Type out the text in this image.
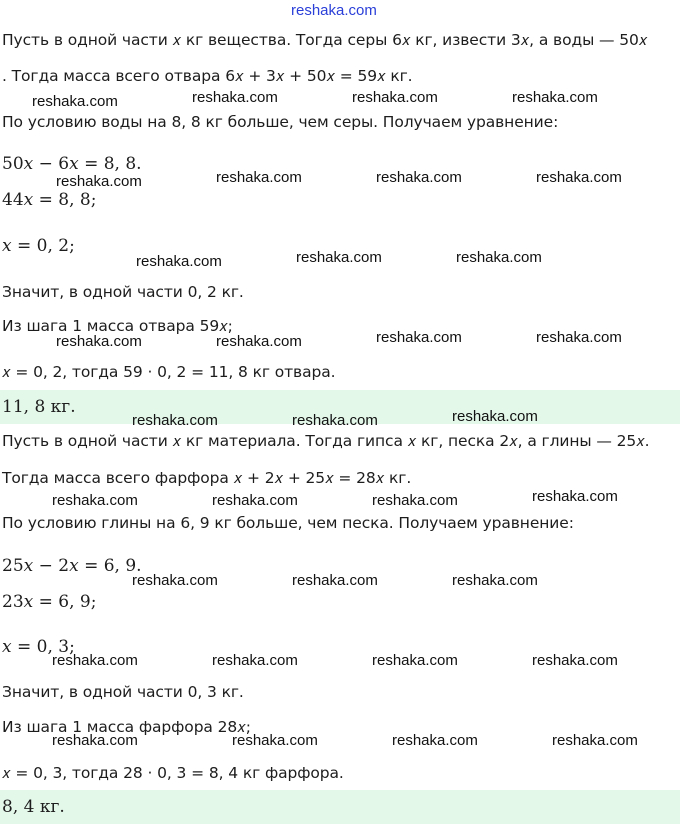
reshaka.com
Пусть в одной части 𝑥 кг вещества. Тогда серы 6𝑥 кг, извести 3𝑥, а воды — 50𝑥
. Тогда масса всего отвара 6𝑥 + 3𝑥 + 50𝑥 = 59𝑥 кг.
По условию воды на 8, 8 кг больше, чем серы. Получаем уравнение:
50𝑥 − 6𝑥 = 8, 8.
44𝑥 = 8, 8;
𝑥 = 0, 2;
Значит, в одной части 0, 2 кг.
Из шага 1 масса отвара 59𝑥;
𝑥 = 0, 2, тогда 59 · 0, 2 = 11, 8 кг отвара.
11, 8 кг.
Пусть в одной части 𝑥 кг материала. Тогда гипса 𝑥 кг, песка 2𝑥, а глины — 25𝑥.
Тогда масса всего фарфора 𝑥 + 2𝑥 + 25𝑥 = 28𝑥 кг.
По условию глины на 6, 9 кг больше, чем песка. Получаем уравнение:
25𝑥 − 2𝑥 = 6, 9.
23𝑥 = 6, 9;
𝑥 = 0, 3;
Значит, в одной части 0, 3 кг.
Из шага 1 масса фарфора 28𝑥;
𝑥 = 0, 3, тогда 28 · 0, 3 = 8, 4 кг фарфора.
8, 4 кг.
reshaka.com	reshaka.com	reshaka.com	reshaka.com
reshaka.com	reshaka.com	reshaka.com	reshaka.com
reshaka.com	reshaka.com	reshaka.com
reshaka.com	reshaka.com	reshaka.com	reshaka.com
reshaka.com	reshaka.com	reshaka.com
reshaka.com	reshaka.com	reshaka.com	reshaka.com
reshaka.com	reshaka.com	reshaka.com
reshaka.com	reshaka.com	reshaka.com	reshaka.com
reshaka.com	reshaka.com	reshaka.com	reshaka.com
